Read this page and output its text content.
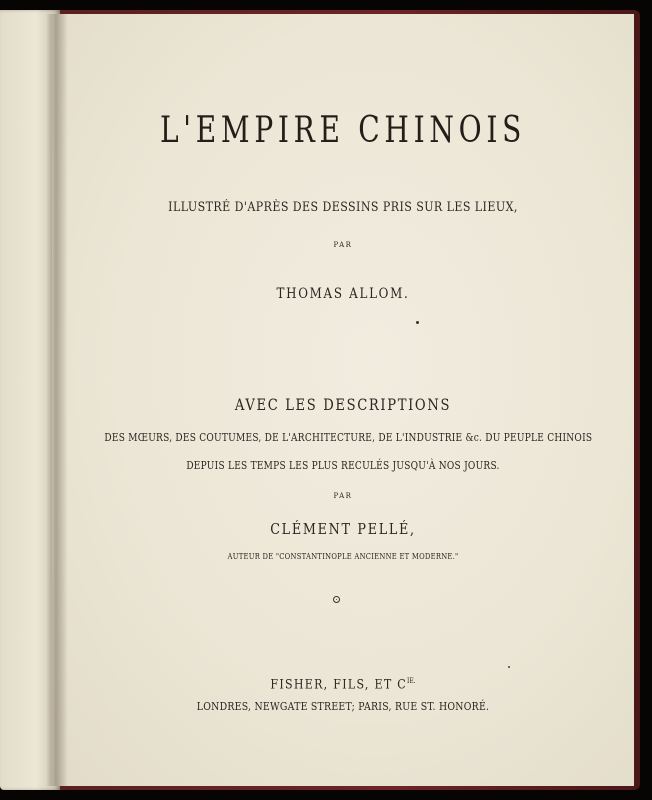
L'EMPIRE CHINOIS
ILLUSTRÉ D'APRÈS DES DESSINS PRIS SUR LES LIEUX,
PAR
THOMAS ALLOM.
AVEC LES DESCRIPTIONS
DES MŒURS, DES COUTUMES, DE L'ARCHITECTURE, DE L'INDUSTRIE &c. DU PEUPLE CHINOIS
DEPUIS LES TEMPS LES PLUS RECULÉS JUSQU'À NOS JOURS.
PAR
CLÉMENT PELLÉ,
AUTEUR DE "CONSTANTINOPLE ANCIENNE ET MODERNE."
FISHER, FILS, ET $C^{IE.}$
LONDRES, NEWGATE STREET; PARIS, RUE ST. HONORÉ.
